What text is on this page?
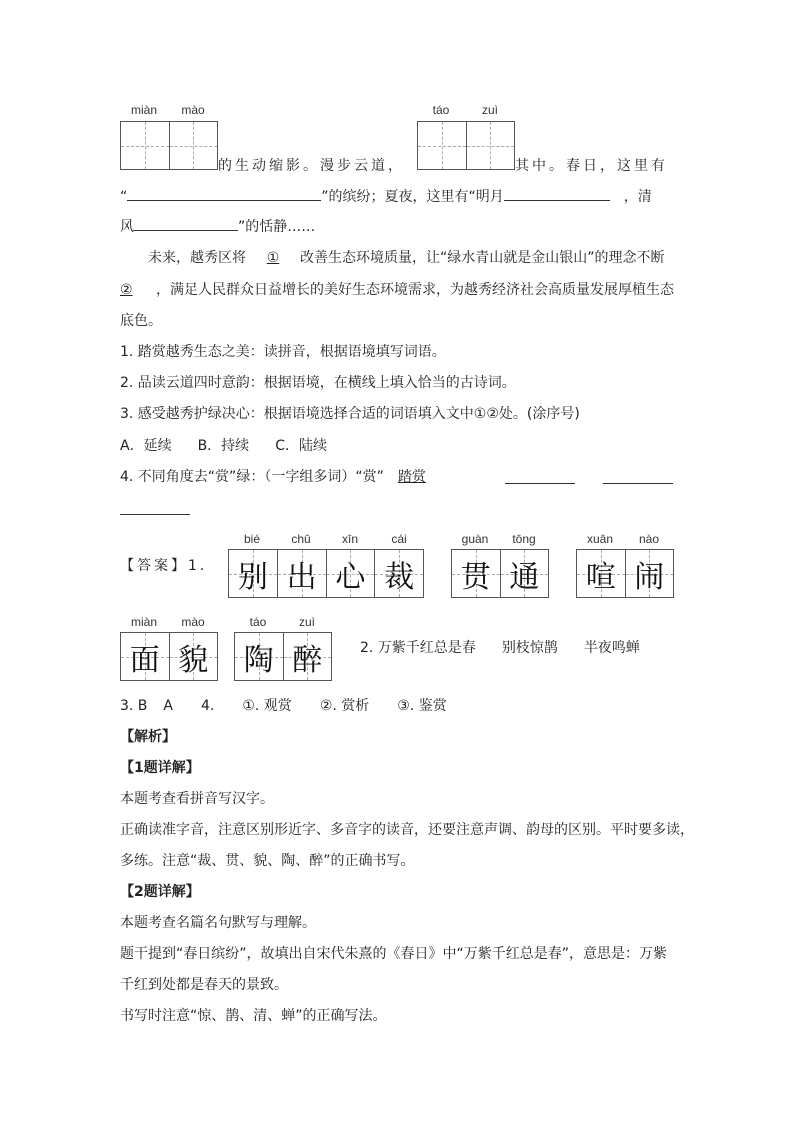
miàn	mào
的生动缩影。漫步云道，
táo	zuì
其中。春日，这里有
“	”的缤纷；夏夜，这里有“明月	，清
风	”的恬静……
未来，越秀区将 ① 改善生态环境质量，让“绿水青山就是金山银山”的理念不断
② ，满足人民群众日益增长的美好生态环境需求，为越秀经济社会高质量发展厚植生态
底色。
1. 踏赏越秀生态之美：读拼音，根据语境填写词语。
2. 品读云道四时意韵：根据语境，在横线上填入恰当的古诗词。
3. 感受越秀护绿决心：根据语境选择合适的词语填入文中①②处。(涂序号)
A．延续 B．持续 C．陆续
4. 不同角度去“赏”绿：（一字组多词）“赏” 踏赏
【答案】1.
bié	chū	xīn	cái
别 出 心 裁
guàn	tōng
贯 通
xuān	nào
喧 闹
miàn	mào
面 貌
táo	zuì
陶 醉	2. 万紫千红总是春 别枝惊鹊 半夜鸣蝉
3. B A 4. ①. 观赏 ②. 赏析 ③. 鉴赏
【解析】
【1题详解】
本题考查看拼音写汉字。
正确读准字音，注意区别形近字、多音字的读音，还要注意声调、韵母的区别。平时要多读，
多练。注意“裁、贯、貌、陶、醉”的正确书写。
【2题详解】
本题考查名篇名句默写与理解。
题干提到“春日缤纷”，故填出自宋代朱熹的《春日》中“万紫千红总是春”，意思是：万紫
千红到处都是春天的景致。
书写时注意“惊、鹊、清、蝉”的正确写法。
